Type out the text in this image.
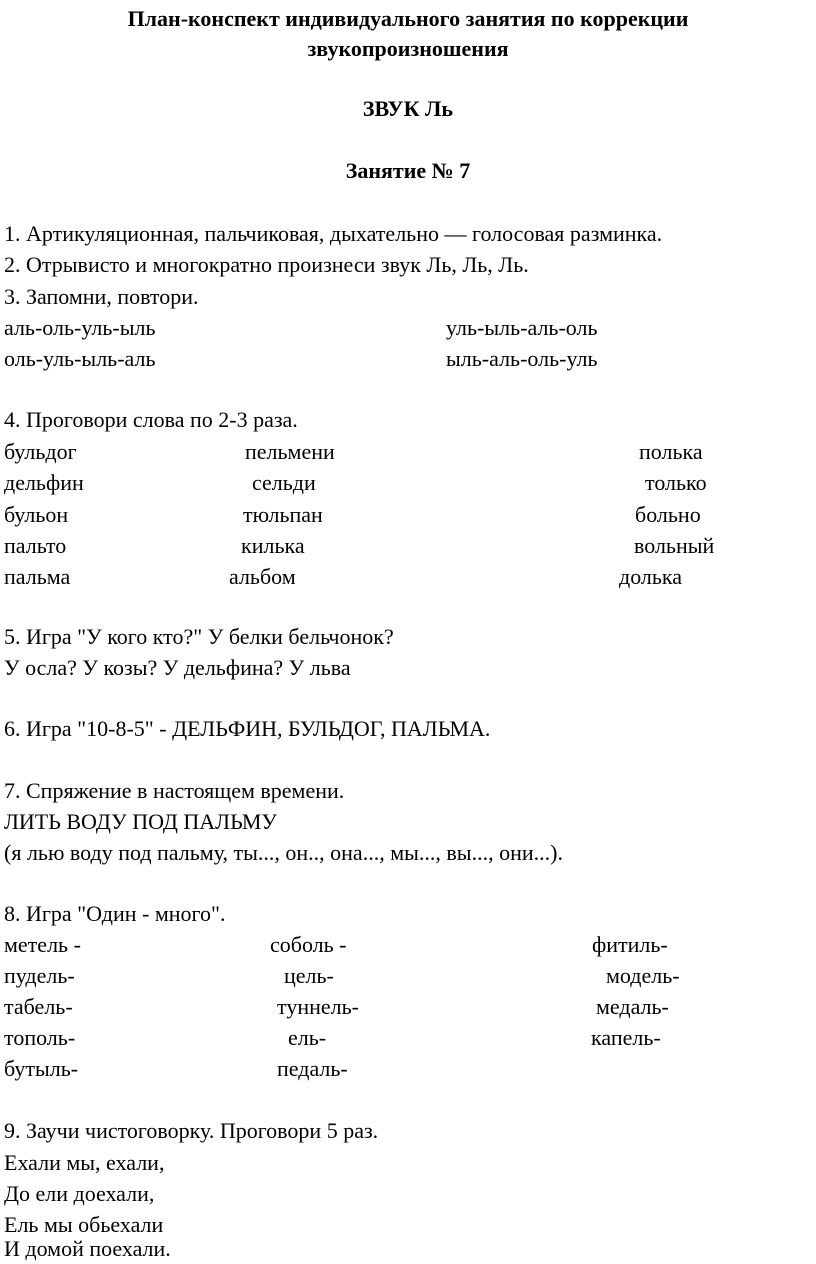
План-конспект индивидуального занятия по коррекции
звукопроизношения
ЗВУК Ль
Занятие № 7
1. Артикуляционная, пальчиковая, дыхательно — голосовая разминка.
2. Отрывисто и многократно произнеси звук Ль, Ль, Ль.
3. Запомни, повтори.
аль-оль-уль-ыль	уль-ыль-аль-оль
оль-уль-ыль-аль	ыль-аль-оль-уль
4. Проговори слова по 2-3 раза.
бульдог	пельмени	полька
дельфин	сельди	только
бульон	тюльпан	больно
пальто	килька	вольный
пальма	альбом	долька
5. Игра "У кого кто?" У белки бельчонок?
У осла? У козы? У дельфина? У льва
6. Игра "10-8-5" - ДЕЛЬФИН, БУЛЬДОГ, ПАЛЬМА.
7. Спряжение в настоящем времени.
ЛИТЬ ВОДУ ПОД ПАЛЬМУ
(я лью воду под пальму, ты..., он.., она..., мы..., вы..., они...).
8. Игра "Один - много".
метель -	соболь -	фитиль-
пудель-	цель-	модель-
табель-	туннель-	медаль-
тополь-	ель-	капель-
бутыль-	педаль-
9. Заучи чистоговорку. Проговори 5 раз.
Ехали мы, ехали,
До ели доехали,
Ель мы обьехали
И домой поехали.
